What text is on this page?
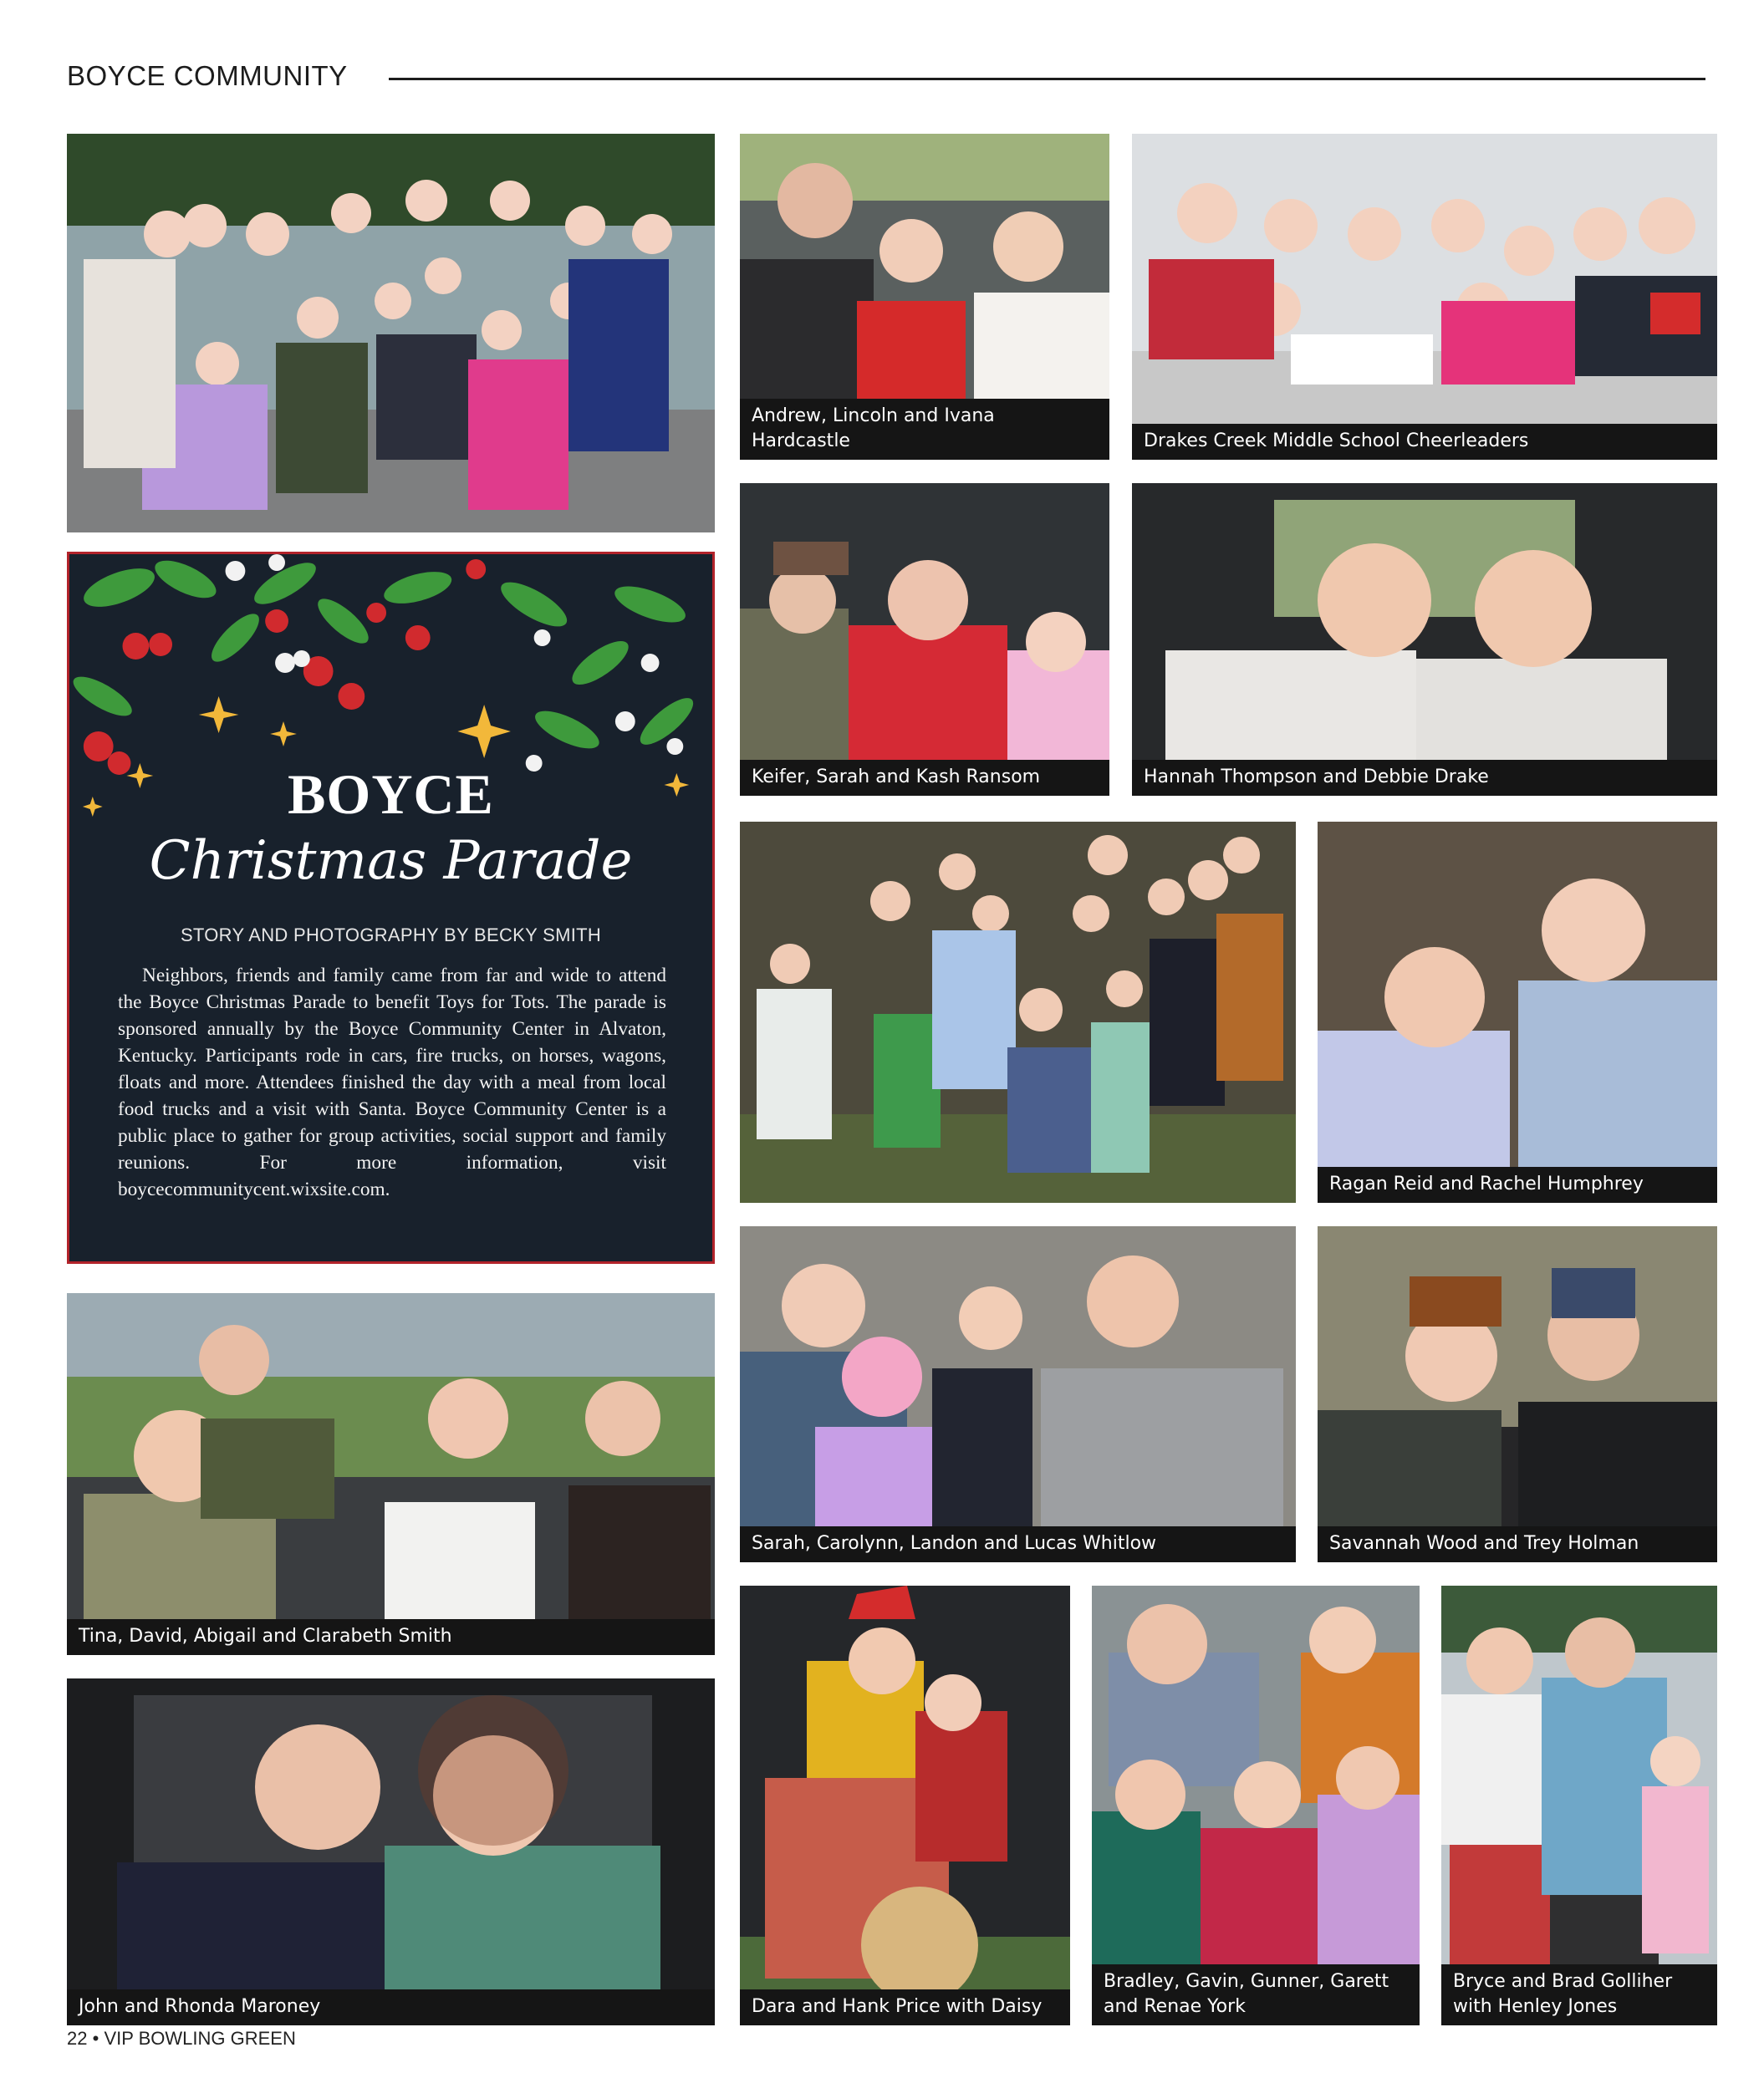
BOYCE COMMUNITY
Andrew, Lincoln and Ivana Hardcastle	Drakes Creek Middle School Cheerleaders
Keifer, Sarah and Kash Ransom	Hannah Thompson and Debbie Drake
BOYCE
Christmas Parade
STORY AND PHOTOGRAPHY BY BECKY SMITH
Neighbors, friends and family came from far and wide to attend the Boyce Christmas Parade to benefit Toys for Tots. The parade is sponsored annually by the Boyce Community Center in Alvaton, Kentucky. Participants rode in cars, fire trucks, on horses, wagons, floats and more. Attendees finished the day with a meal from local food trucks and a visit with Santa. Boyce Community Center is a public place to gather for group activities, social support and family reunions. For more information, visit boycecommunitycent.wixsite.com.	Ragan Reid and Rachel Humphrey
Tina, David, Abigail and Clarabeth Smith
Sarah, Carolynn, Landon and Lucas Whitlow	Savannah Wood and Trey Holman
John and Rhonda Maroney	Dara and Hank Price with Daisy
Bradley, Gavin, Gunner, Garett
and Renae York
Bryce and Brad Golliher
with Henley Jones
22 • VIP BOWLING GREEN
